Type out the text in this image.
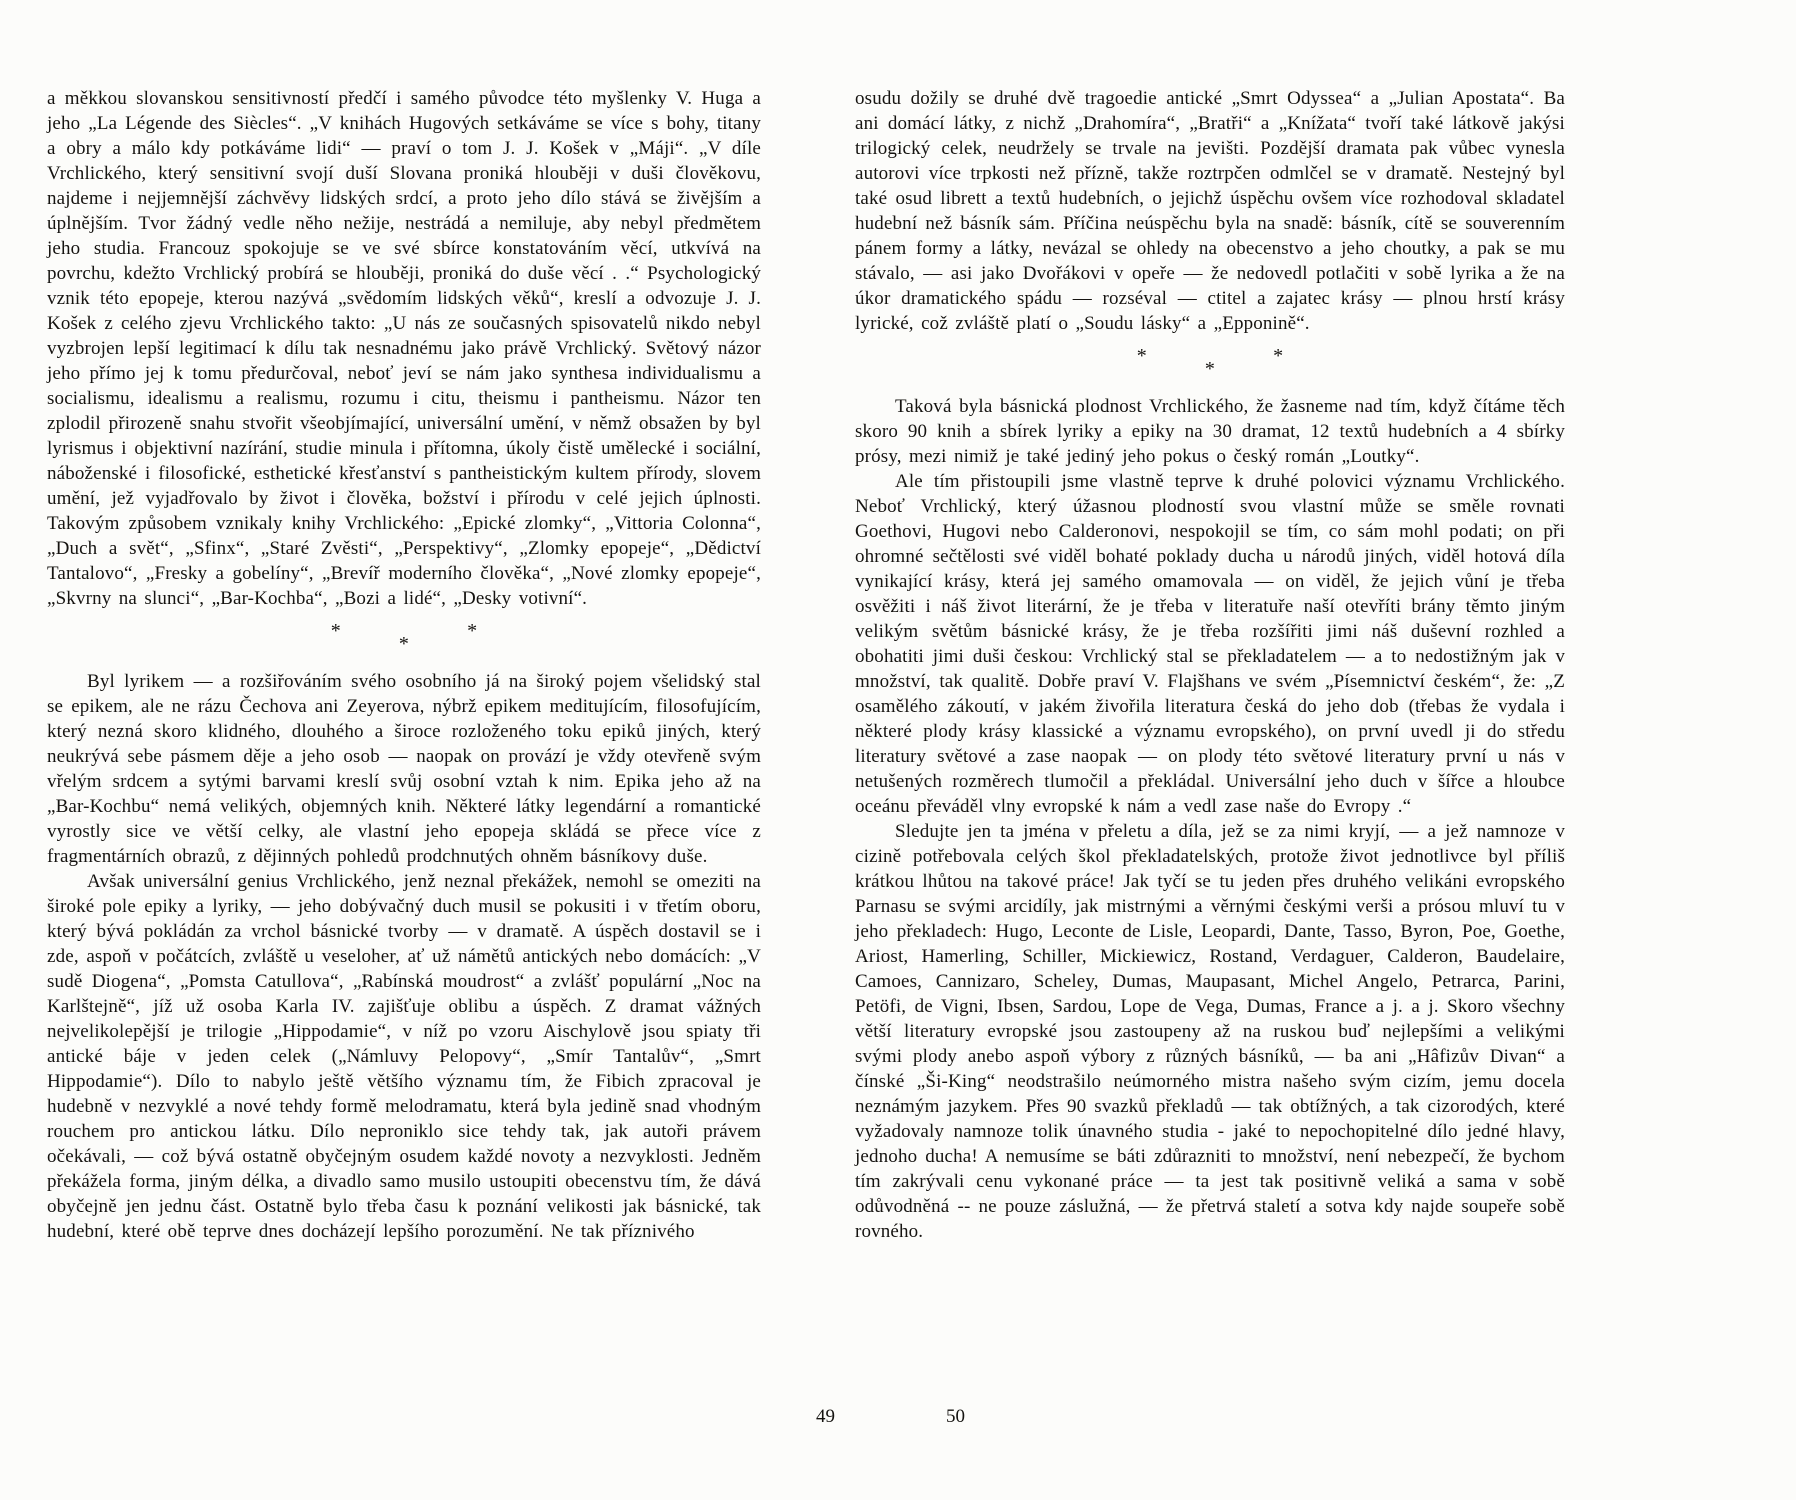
a měkkou slovanskou sensitivností předčí i samého původce této myšlenky V. Huga a jeho „La Légende des Siècles“. „V knihách Hugových setkáváme se více s bohy, titany a obry a málo kdy potkáváme lidi“ — praví o tom J. J. Košek v „Máji“. „V díle Vrchlického, který sensitivní svojí duší Slovana proniká hlouběji v duši člověkovu, najdeme i nejjemnější záchvěvy lidských srdcí, a proto jeho dílo stává se živějším a úplnějším. Tvor žádný vedle něho nežije, nestrádá a nemiluje, aby nebyl předmětem jeho studia. Francouz spokojuje se ve své sbírce konstatováním věcí, utkvívá na povrchu, kdežto Vrchlický probírá se hlouběji, proniká do duše věcí . .“ Psychologický vznik této epopeje, kterou nazývá „svědomím lidských věků“, kreslí a odvozuje J. J. Košek z celého zjevu Vrchlického takto: „U nás ze současných spisovatelů nikdo nebyl vyzbrojen lepší legitimací k dílu tak nesnadnému jako právě Vrchlický. Světový názor jeho přímo jej k tomu předurčoval, neboť jeví se nám jako synthesa individualismu a socialismu, idealismu a realismu, rozumu i citu, theismu i pantheismu. Názor ten zplodil přirozeně snahu stvořit všeobjímající, universální umění, v němž obsažen by byl lyrismus i objektivní nazírání, studie minula i přítomna, úkoly čistě umělecké i sociální, náboženské i filosofické, esthetické křesťanství s pantheistickým kultem přírody, slovem umění, jež vyjadřovalo by život i člověka, božství i přírodu v celé jejich úplnosti. Takovým způsobem vznikaly knihy Vrchlického: „Epické zlomky“, „Vittoria Colonna“, „Duch a svět“, „Sfinx“, „Staré Zvěsti“, „Perspektivy“, „Zlomky epopeje“, „Dědictví Tantalovo“, „Fresky a gobelíny“, „Brevíř moderního člověka“, „Nové zlomky epopeje“, „Skvrny na slunci“, „Bar-Kochba“, „Bozi a lidé“, „Desky votivní“.

*
*
*

Byl lyrikem — a rozšiřováním svého osobního já na široký pojem všelidský stal se epikem, ale ne rázu Čechova ani Zeyerova, nýbrž epikem meditujícím, filosofujícím, který nezná skoro klidného, dlouhého a široce rozloženého toku epiků jiných, který neukrývá sebe pásmem děje a jeho osob — naopak on provází je vždy otevřeně svým vřelým srdcem a sytými barvami kreslí svůj osobní vztah k nim. Epika jeho až na „Bar-Kochbu“ nemá velikých, objemných knih. Některé látky legendární a romantické vyrostly sice ve větší celky, ale vlastní jeho epopeja skládá se přece více z fragmentárních obrazů, z dějinných pohledů prodchnutých ohněm básníkovy duše.

Avšak universální genius Vrchlického, jenž neznal překážek, nemohl se omeziti na široké pole epiky a lyriky, — jeho dobývačný duch musil se pokusiti i v třetím oboru, který bývá pokládán za vrchol básnické tvorby — v dramatě. A úspěch dostavil se i zde, aspoň v počátcích, zvláště u veseloher, ať už námětů antických nebo domácích: „V sudě Diogena“, „Pomsta Catullova“, „Rabínská moudrost“ a zvlášť populární „Noc na Karlštejně“, jíž už osoba Karla IV. zajišťuje oblibu a úspěch. Z dramat vážných nejvelikolepější je trilogie „Hippodamie“, v níž po vzoru Aischylově jsou spiaty tři antické báje v jeden celek („Námluvy Pelopovy“, „Smír Tantalův“, „Smrt Hippodamie“). Dílo to nabylo ještě většího významu tím, že Fibich zpracoval je hudebně v nezvyklé a nové tehdy formě melodramatu, která byla jedině snad vhodným rouchem pro antickou látku. Dílo neproniklo sice tehdy tak, jak autoři právem očekávali, — což bývá ostatně obyčejným osudem každé novoty a nezvyklosti. Jedněm překážela forma, jiným délka, a divadlo samo musilo ustoupiti obecenstvu tím, že dává obyčejně jen jednu část. Ostatně bylo třeba času k poznání velikosti jak básnické, tak hudební, které obě teprve dnes docházejí lepšího porozumění. Ne tak příznivého

osudu dožily se druhé dvě tragoedie antické „Smrt Odyssea“ a „Julian Apostata“. Ba ani domácí látky, z nichž „Drahomíra“, „Bratři“ a „Knížata“ tvoří také látkově jakýsi trilogický celek, neudržely se trvale na jevišti. Pozdější dramata pak vůbec vynesla autorovi více trpkosti než přízně, takže roztrpčen odmlčel se v dramatě. Nestejný byl také osud librett a textů hudebních, o jejichž úspěchu ovšem více rozhodoval skladatel hudební než básník sám. Příčina neúspěchu byla na snadě: básník, cítě se souverenním pánem formy a látky, nevázal se ohledy na obecenstvo a jeho choutky, a pak se mu stávalo, — asi jako Dvořákovi v opeře — že nedovedl potlačiti v sobě lyrika a že na úkor dramatického spádu — rozséval — ctitel a zajatec krásy — plnou hrstí krásy lyrické, což zvláště platí o „Soudu lásky“ a „Epponině“.

*
*
*

Taková byla básnická plodnost Vrchlického, že žasneme nad tím, když čítáme těch skoro 90 knih a sbírek lyriky a epiky na 30 dramat, 12 textů hudebních a 4 sbírky prósy, mezi nimiž je také jediný jeho pokus o český román „Loutky“.

Ale tím přistoupili jsme vlastně teprve k druhé polovici významu Vrchlického. Neboť Vrchlický, který úžasnou plodností svou vlastní může se směle rovnati Goethovi, Hugovi nebo Calderonovi, nespokojil se tím, co sám mohl podati; on při ohromné sečtělosti své viděl bohaté poklady ducha u národů jiných, viděl hotová díla vynikající krásy, která jej samého omamovala — on viděl, že jejich vůní je třeba osvěžiti i náš život literární, že je třeba v literatuře naší otevříti brány těmto jiným velikým světům básnické krásy, že je třeba rozšířiti jimi náš duševní rozhled a obohatiti jimi duši českou: Vrchlický stal se překladatelem — a to nedostižným jak v množství, tak qualitě. Dobře praví V. Flajšhans ve svém „Písemnictví českém“, že: „Z osamělého zákoutí, v jakém živořila literatura česká do jeho dob (třebas že vydala i některé plody krásy klassické a významu evropského), on první uvedl ji do středu literatury světové a zase naopak — on plody této světové literatury první u nás v netušených rozměrech tlumočil a překládal. Universální jeho duch v šířce a hloubce oceánu převáděl vlny evropské k nám a vedl zase naše do Evropy .“

Sledujte jen ta jména v přeletu a díla, jež se za nimi kryjí, — a jež namnoze v cizině potřebovala celých škol překladatelských, protože život jednotlivce byl příliš krátkou lhůtou na takové práce! Jak tyčí se tu jeden přes druhého velikáni evropského Parnasu se svými arcidíly, jak mistrnými a věrnými českými verši a prósou mluví tu v jeho překladech: Hugo, Leconte de Lisle, Leopardi, Dante, Tasso, Byron, Poe, Goethe, Ariost, Hamerling, Schiller, Mickiewicz, Rostand, Verdaguer, Calderon, Baudelaire, Camoes, Cannizaro, Scheley, Dumas, Maupasant, Michel Angelo, Petrarca, Parini, Petöfi, de Vigni, Ibsen, Sardou, Lope de Vega, Dumas, France a j. a j. Skoro všechny větší literatury evropské jsou zastoupeny až na ruskou buď nejlepšími a velikými svými plody anebo aspoň výbory z různých básníků, — ba ani „Hâfizův Divan“ a čínské „Ši-King“ neodstrašilo neúmorného mistra našeho svým cizím, jemu docela neznámým jazykem. Přes 90 svazků překladů — tak obtížných, a tak cizorodých, které vyžadovaly namnoze tolik únavného studia - jaké to nepochopitelné dílo jedné hlavy, jednoho ducha! A nemusíme se báti zdůrazniti to množství, není nebezpečí, že bychom tím zakrývali cenu vykonané práce — ta jest tak positivně veliká a sama v sobě odůvodněná -- ne pouze záslužná, — že přetrvá staletí a sotva kdy najde soupeře sobě rovného.

49	50
